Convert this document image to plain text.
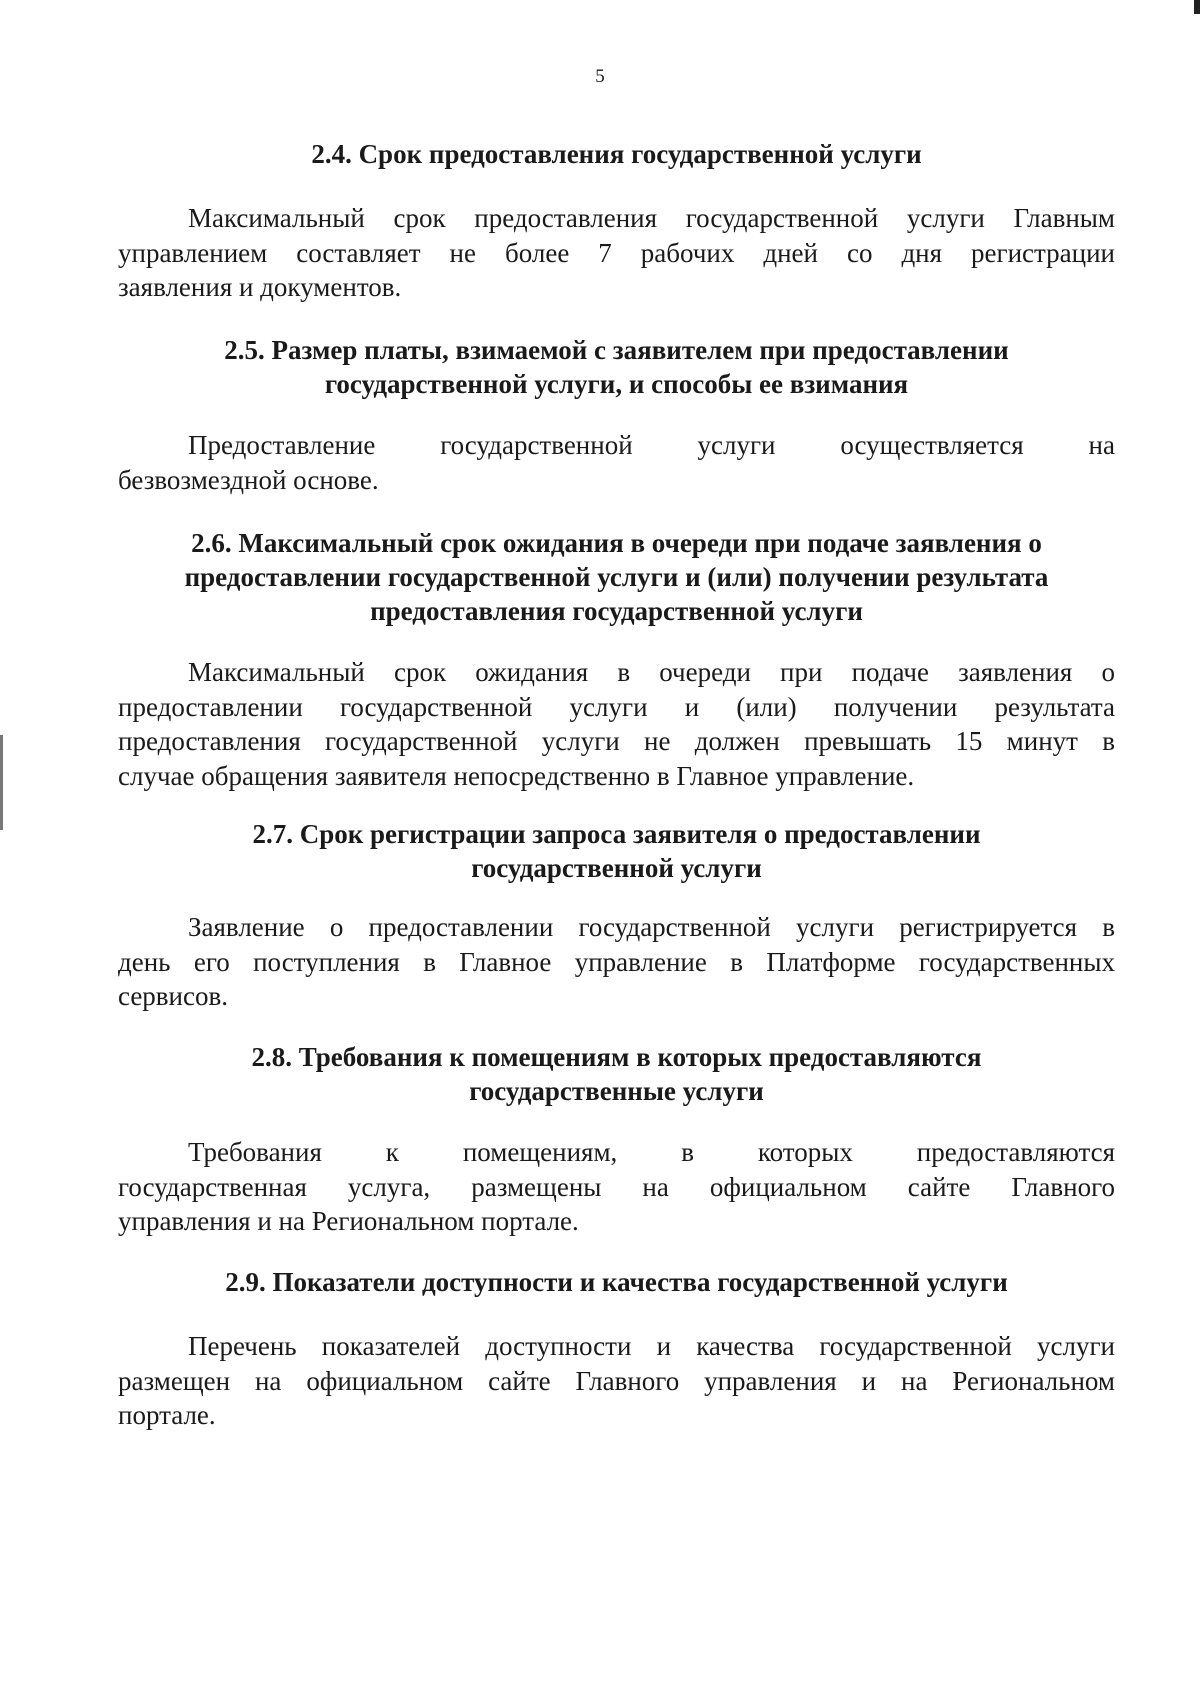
5
2.4. Срок предоставления государственной услуги
Максимальный срок предоставления государственной услуги Главным
управлением составляет не более 7 рабочих дней со дня регистрации
заявления и документов.
2.5. Размер платы, взимаемой с заявителем при предоставлении
государственной услуги, и способы ее взимания
Предоставление государственной услуги осуществляется на
безвозмездной основе.
2.6. Максимальный срок ожидания в очереди при подаче заявления о
предоставлении государственной услуги и (или) получении результата
предоставления государственной услуги
Максимальный срок ожидания в очереди при подаче заявления о
предоставлении государственной услуги и (или) получении результата
предоставления государственной услуги не должен превышать 15 минут в
случае обращения заявителя непосредственно в Главное управление.
2.7. Срок регистрации запроса заявителя о предоставлении
государственной услуги
Заявление о предоставлении государственной услуги регистрируется в
день его поступления в Главное управление в Платформе государственных
сервисов.
2.8. Требования к помещениям в которых предоставляются
государственные услуги
Требования к помещениям, в которых предоставляются
государственная услуга, размещены на официальном сайте Главного
управления и на Региональном портале.
2.9. Показатели доступности и качества государственной услуги
Перечень показателей доступности и качества государственной услуги
размещен на официальном сайте Главного управления и на Региональном
портале.
